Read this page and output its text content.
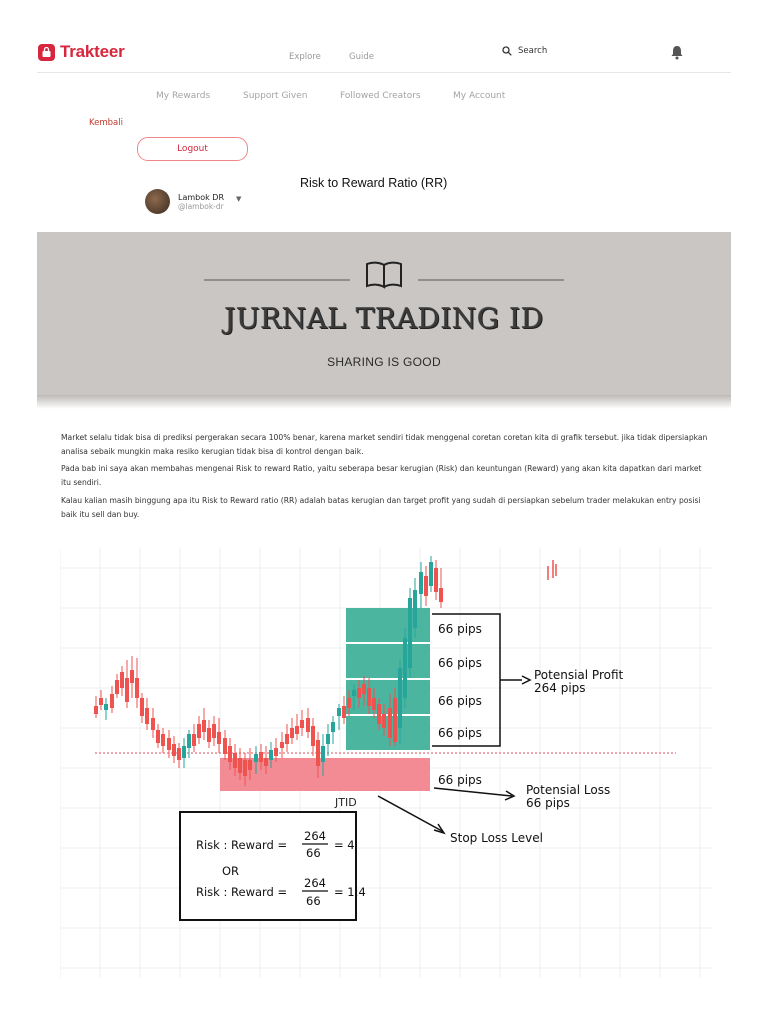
Trakteer	Explore	Guide
Search
My Rewards	Support Given	Followed Creators	My Account
Kembali
Logout
Risk to Reward Ratio (RR)
Lambok DR
@lambok-dr
▼
JURNAL TRADING ID
SHARING IS GOOD
Market selalu tidak bisa di prediksi pergerakan secara 100% benar, karena market sendiri tidak menggenal coretan coretan kita di grafik tersebut. jika tidak dipersiapkan analisa sebaik mungkin maka resiko kerugian tidak bisa di kontrol dengan baik.
Pada bab ini saya akan membahas mengenai Risk to reward Ratio, yaitu seberapa besar kerugian (Risk) dan keuntungan (Reward) yang akan kita dapatkan dari market itu sendiri.
Kalau kalian masih binggung apa itu Risk to Reward ratio (RR) adalah batas kerugian dan target profit yang sudah di persiapkan sebelum trader melakukan entry posisi baik itu sell dan buy.
66 pips
66 pips
66 pips
66 pips
66 pips
Potensial Profit
264 pips
Potensial Loss
66 pips
JTID
Stop Loss Level
Risk : Reward =
264
66
= 4
OR
Risk : Reward =
264
66
= 1:4
